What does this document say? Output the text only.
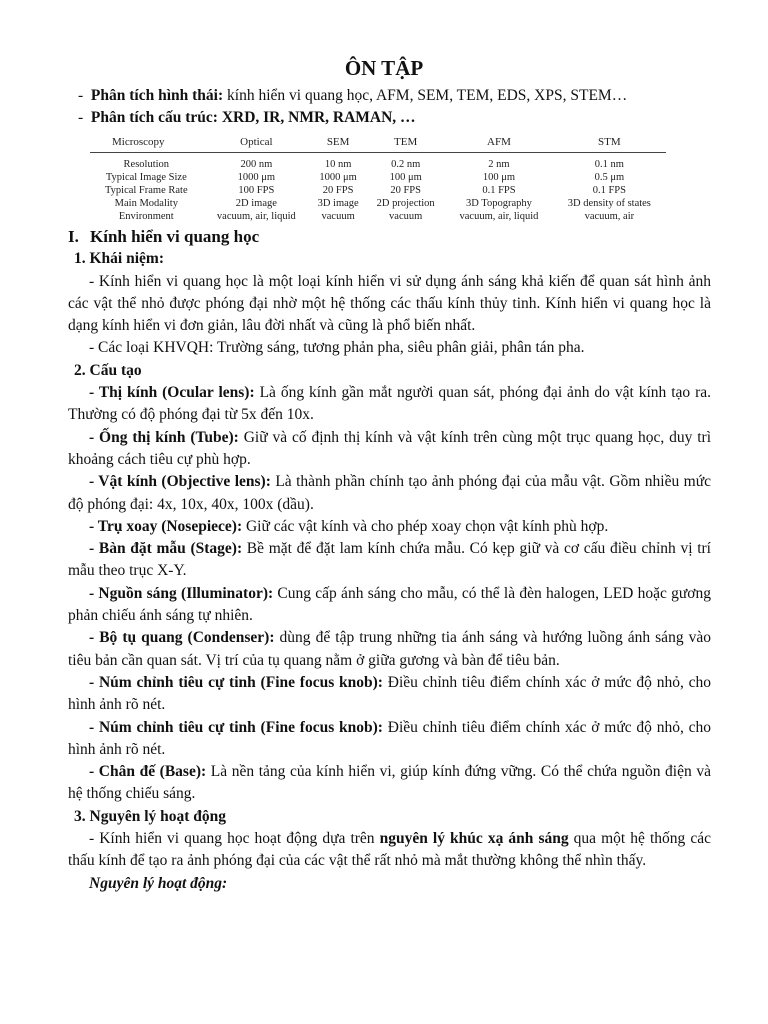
ÔN TẬP
- Phân tích hình thái: kính hiển vi quang học, AFM, SEM, TEM, EDS, XPS, STEM…
- Phân tích cấu trúc: XRD, IR, NMR, RAMAN, …
Microscopy	Optical	SEM	TEM	AFM	STM
Resolution	200 nm	10 nm	0.2 nm	2 nm	0.1 nm
Typical Image Size	1000 μm	1000 μm	100 μm	100 μm	0.5 μm
Typical Frame Rate	100 FPS	20 FPS	20 FPS	0.1 FPS	0.1 FPS
Main Modality	2D image	3D image	2D projection	3D Topography	3D density of states
Environment	vacuum, air, liquid	vacuum	vacuum	vacuum, air, liquid	vacuum, air

I. Kính hiển vi quang học

1. Khái niệm:

- Kính hiển vi quang học là một loại kính hiển vi sử dụng ánh sáng khả kiến để quan sát hình ảnh các vật thể nhỏ được phóng đại nhờ một hệ thống các thấu kính thủy tinh. Kính hiển vi quang học là dạng kính hiển vi đơn giản, lâu đời nhất và cũng là phổ biến nhất.

- Các loại KHVQH: Trường sáng, tương phản pha, siêu phân giải, phân tán pha.

2. Cấu tạo

- Thị kính (Ocular lens): Là ống kính gần mắt người quan sát, phóng đại ảnh do vật kính tạo ra. Thường có độ phóng đại từ 5x đến 10x.

- Ống thị kính (Tube): Giữ và cố định thị kính và vật kính trên cùng một trục quang học, duy trì khoảng cách tiêu cự phù hợp.

- Vật kính (Objective lens): Là thành phần chính tạo ảnh phóng đại của mẫu vật. Gồm nhiều mức độ phóng đại: 4x, 10x, 40x, 100x (dầu).

- Trụ xoay (Nosepiece): Giữ các vật kính và cho phép xoay chọn vật kính phù hợp.

- Bàn đặt mẫu (Stage): Bề mặt để đặt lam kính chứa mẫu. Có kẹp giữ và cơ cấu điều chỉnh vị trí mẫu theo trục X-Y.

- Nguồn sáng (Illuminator): Cung cấp ánh sáng cho mẫu, có thể là đèn halogen, LED hoặc gương phản chiếu ánh sáng tự nhiên.

- Bộ tụ quang (Condenser): dùng để tập trung những tia ánh sáng và hướng luồng ánh sáng vào tiêu bản cần quan sát. Vị trí của tụ quang nằm ở giữa gương và bàn để tiêu bản.

- Núm chỉnh tiêu cự tinh (Fine focus knob): Điều chỉnh tiêu điểm chính xác ở mức độ nhỏ, cho hình ảnh rõ nét.

- Núm chỉnh tiêu cự tinh (Fine focus knob): Điều chỉnh tiêu điểm chính xác ở mức độ nhỏ, cho hình ảnh rõ nét.

- Chân đế (Base): Là nền tảng của kính hiển vi, giúp kính đứng vững. Có thể chứa nguồn điện và hệ thống chiếu sáng.

3. Nguyên lý hoạt động

- Kính hiển vi quang học hoạt động dựa trên nguyên lý khúc xạ ánh sáng qua một hệ thống các thấu kính để tạo ra ảnh phóng đại của các vật thể rất nhỏ mà mắt thường không thể nhìn thấy.

Nguyên lý hoạt động:
